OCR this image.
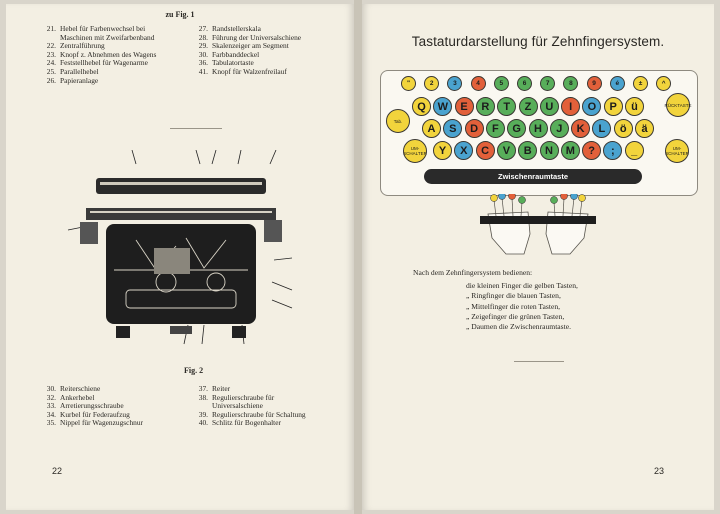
zu Fig. 1
21. Hebel für Farbenwechsel bei
Maschinen mit Zweifarbenband
22. Zentralführung
23. Knopf z. Abnehmen des Wagens
24. Feststellhebel für Wagenarme
25. Parallelhebel
26. Papieranlage
27. Randstellerskala
28. Führung der Universalschiene
29. Skalenzeiger am Segment
30. Farbbanddeckel
36. Tabulatortaste
41. Knopf für Walzenfreilauf
Fig. 2
30. Reiterschiene
32. Ankerhebel
33. Arretierungsschraube
34. Kurbel für Federaufzug
35. Nippel für Wagenzugschnur
37. Reiter
38. Regulierschraube für
Universalschiene
39. Regulierschraube für Schaltung
40. Schlitz für Bogenhalter
22
Tastaturdarstellung für Zehnfingersystem.
Zwischenraumtaste
"	2	3	4	5	6	7	8	9	é	±	^
Q	W	E	R	T	Z	U	I	O	P	ü
A	S	D	F	G	H	J	K	L	ö	ä
Y	X	C	V	B	N	M	?	;	_
Tab.
RÜCKTASTE
UM-SCHALTER
UM-SCHALTER
Nach dem Zehnfingersystem bedienen:
die kleinen Finger die gelben Tasten,
„ Ringfinger die blauen Tasten,
„ Mittelfinger die roten Tasten,
„ Zeigefinger die grünen Tasten,
„ Daumen die Zwischenraumtaste.
23
